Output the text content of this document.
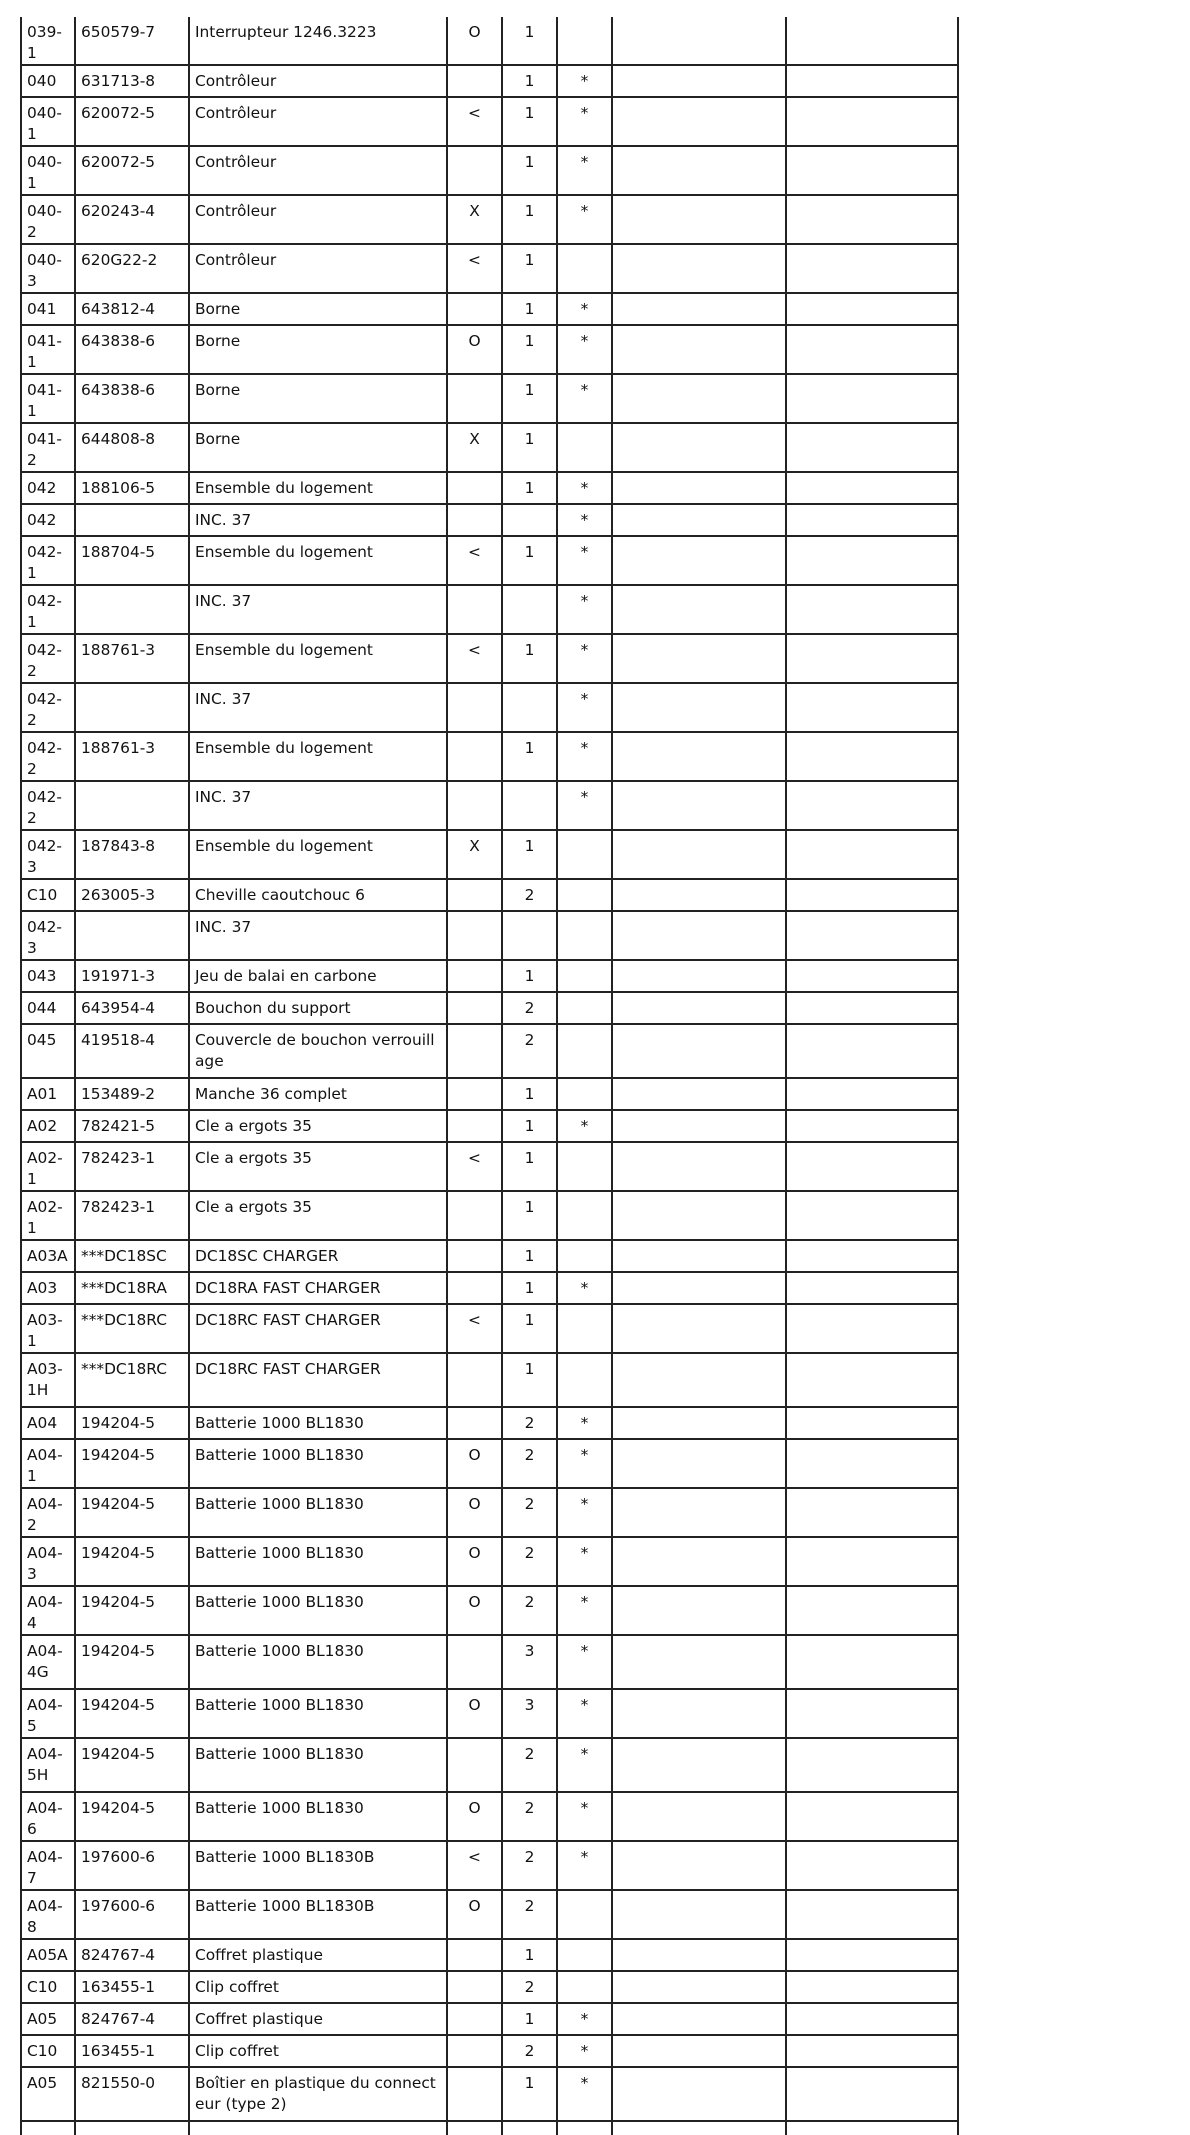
039-1	650579-7	Interrupteur 1246.3223	O	1			
040	631713-8	Contrôleur		1	*		
040-1	620072-5	Contrôleur	<	1	*		
040-1	620072-5	Contrôleur		1	*		
040-2	620243-4	Contrôleur	X	1	*		
040-3	620G22-2	Contrôleur	<	1			
041	643812-4	Borne		1	*		
041-1	643838-6	Borne	O	1	*		
041-1	643838-6	Borne		1	*		
041-2	644808-8	Borne	X	1			
042	188106-5	Ensemble du logement		1	*		
042		INC. 37			*		
042-1	188704-5	Ensemble du logement	<	1	*		
042-1		INC. 37			*		
042-2	188761-3	Ensemble du logement	<	1	*		
042-2		INC. 37			*		
042-2	188761-3	Ensemble du logement		1	*		
042-2		INC. 37			*		
042-3	187843-8	Ensemble du logement	X	1			
C10	263005-3	Cheville caoutchouc 6		2			
042-3		INC. 37					
043	191971-3	Jeu de balai en carbone		1			
044	643954-4	Bouchon du support		2			
045	419518-4	Couvercle de bouchon verrouillage		2			
A01	153489-2	Manche 36 complet		1			
A02	782421-5	Cle a ergots 35		1	*		
A02-1	782423-1	Cle a ergots 35	<	1			
A02-1	782423-1	Cle a ergots 35		1			
A03A	***DC18SC	DC18SC CHARGER		1			
A03	***DC18RA	DC18RA FAST CHARGER		1	*		
A03-1	***DC18RC	DC18RC FAST CHARGER	<	1			
A03-1H	***DC18RC	DC18RC FAST CHARGER		1			
A04	194204-5	Batterie 1000 BL1830		2	*		
A04-1	194204-5	Batterie 1000 BL1830	O	2	*		
A04-2	194204-5	Batterie 1000 BL1830	O	2	*		
A04-3	194204-5	Batterie 1000 BL1830	O	2	*		
A04-4	194204-5	Batterie 1000 BL1830	O	2	*		
A04-4G	194204-5	Batterie 1000 BL1830		3	*		
A04-5	194204-5	Batterie 1000 BL1830	O	3	*		
A04-5H	194204-5	Batterie 1000 BL1830		2	*		
A04-6	194204-5	Batterie 1000 BL1830	O	2	*		
A04-7	197600-6	Batterie 1000 BL1830B	<	2	*		
A04-8	197600-6	Batterie 1000 BL1830B	O	2			
A05A	824767-4	Coffret plastique		1			
C10	163455-1	Clip coffret		2			
A05	824767-4	Coffret plastique		1	*		
C10	163455-1	Clip coffret		2	*		
A05	821550-0	Boîtier en plastique du connecteur (type 2)		1	*		
